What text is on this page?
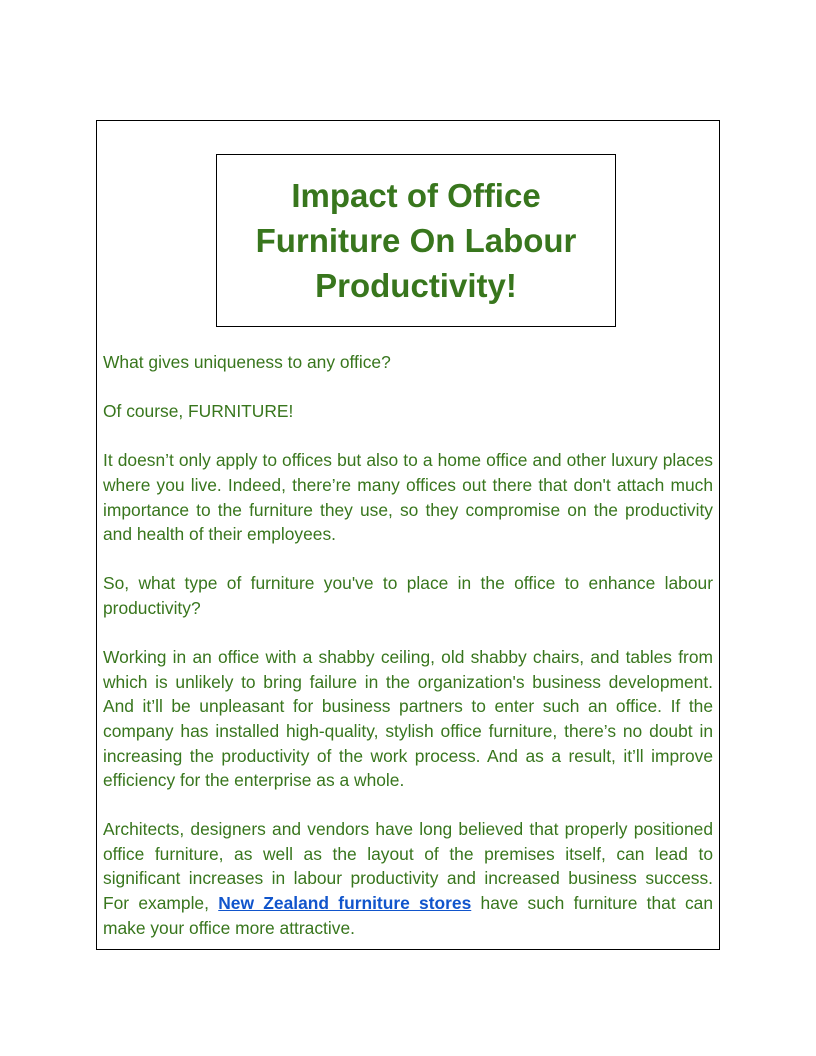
Impact of Office Furniture On Labour Productivity!

What gives uniqueness to any office?

Of course, FURNITURE!

It doesn’t only apply to offices but also to a home office and other luxury places where you live. Indeed, there’re many offices out there that don't attach much importance to the furniture they use, so they compromise on the productivity and health of their employees.

So, what type of furniture you've to place in the office to enhance labour productivity?

Working in an office with a shabby ceiling, old shabby chairs, and tables from which is unlikely to bring failure in the organization's business development. And it’ll be unpleasant for business partners to enter such an office. If the company has installed high-quality, stylish office furniture, there’s no doubt in increasing the productivity of the work process. And as a result, it’ll improve efficiency for the enterprise as a whole.

Architects, designers and vendors have long believed that properly positioned office furniture, as well as the layout of the premises itself, can lead to significant increases in labour productivity and increased business success. For example, New Zealand furniture stores have such furniture that can make your office more attractive.
